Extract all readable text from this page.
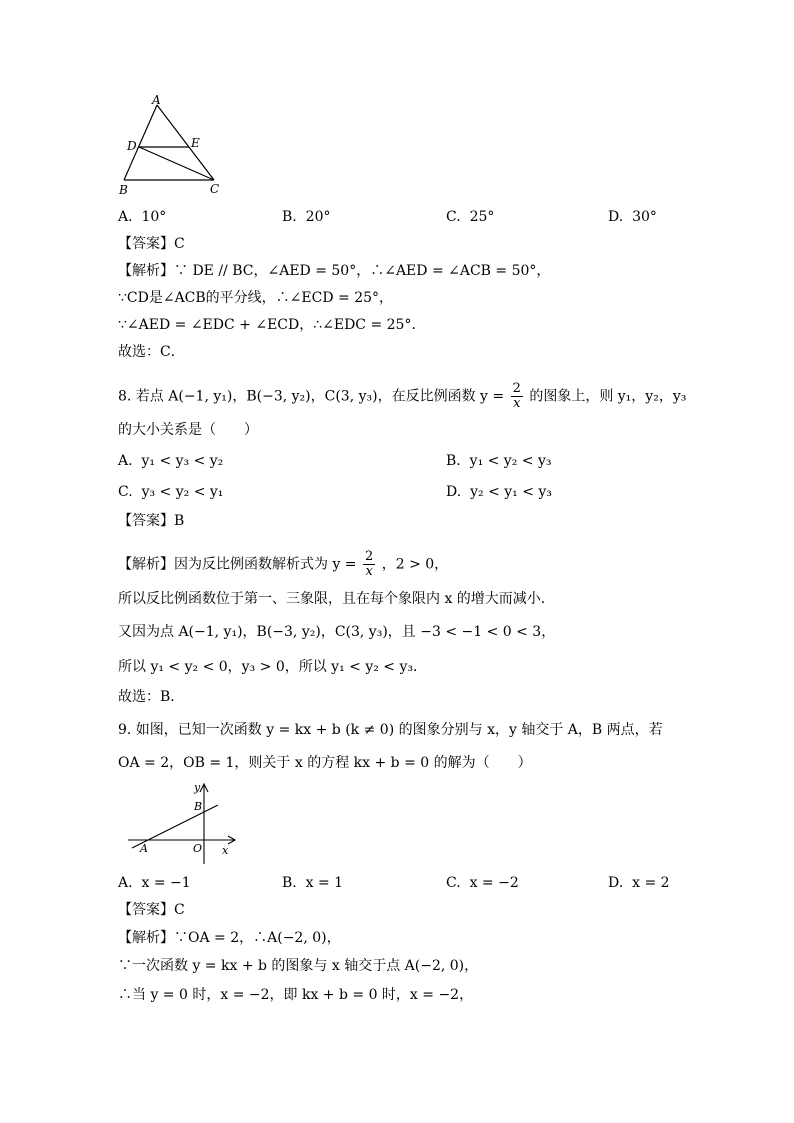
A
D	E
B	C
A. 10°	B. 20°	C. 25°	D. 30°
【答案】C
【解析】∵ DE // BC，∠AED = 50°，∴∠AED = ∠ACB = 50°，
∵CD是∠ACB的平分线，∴∠ECD = 25°，
∵∠AED = ∠EDC + ∠ECD，∴∠EDC = 25°．
故选：C．
8. 若点 A(−1, y₁)，B(−3, y₂)，C(3, y₃)，在反比例函数 $y = \frac{2}{x}$ 的图象上，则 y₁，y₂，y₃
的大小关系是（　　）
A. y₁ < y₃ < y₂	B. y₁ < y₂ < y₃
C. y₃ < y₂ < y₁	D. y₂ < y₁ < y₃
【答案】B
【解析】因为反比例函数解析式为 $y = \frac{2}{x}$ ，2 > 0，
所以反比例函数位于第一、三象限，且在每个象限内 x 的增大而减小．
又因为点 A(−1, y₁)，B(−3, y₂)，C(3, y₃)，且 −3 < −1 < 0 < 3，
所以 y₁ < y₂ < 0，y₃ > 0，所以 y₁ < y₂ < y₃．
故选：B．
9. 如图，已知一次函数 y = kx + b (k ≠ 0) 的图象分别与 x，y 轴交于 A，B 两点，若
OA = 2，OB = 1，则关于 x 的方程 kx + b = 0 的解为（　　）
y
B
A	O x
A. x = −1	B. x = 1	C. x = −2	D. x = 2
【答案】C
【解析】∵OA = 2，∴A(−2, 0)，
∵一次函数 y = kx + b 的图象与 x 轴交于点 A(−2, 0)，
∴当 y = 0 时，x = −2，即 kx + b = 0 时，x = −2，
